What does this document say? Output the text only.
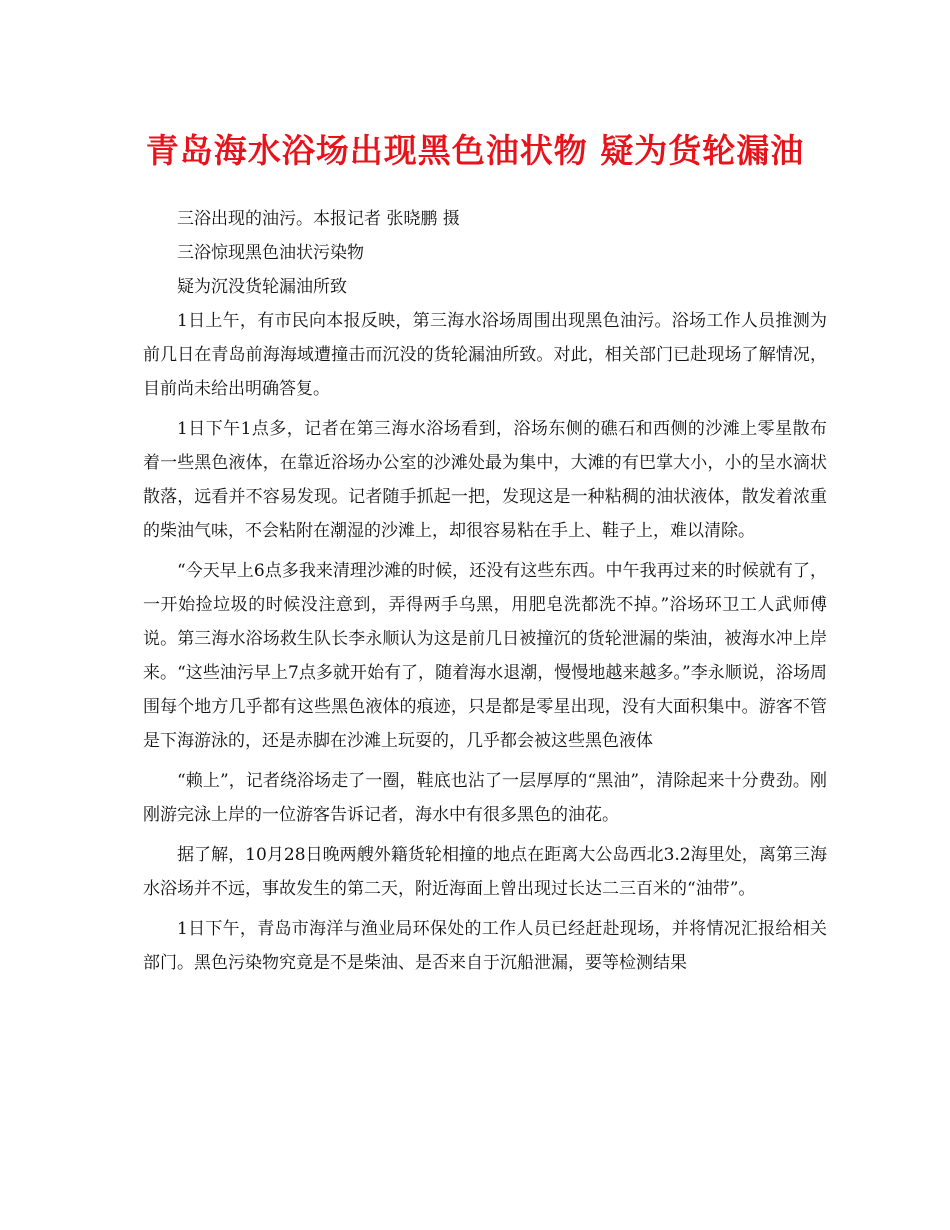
青岛海水浴场出现黑色油状物 疑为货轮漏油

三浴出现的油污。本报记者 张晓鹏 摄

三浴惊现黑色油状污染物

疑为沉没货轮漏油所致

1日上午，有市民向本报反映，第三海水浴场周围出现黑色油污。浴场工作人员推测为前几日在青岛前海海域遭撞击而沉没的货轮漏油所致。对此，相关部门已赴现场了解情况，目前尚未给出明确答复。

1日下午1点多，记者在第三海水浴场看到，浴场东侧的礁石和西侧的沙滩上零星散布着一些黑色液体，在靠近浴场办公室的沙滩处最为集中，大滩的有巴掌大小，小的呈水滴状散落，远看并不容易发现。记者随手抓起一把，发现这是一种粘稠的油状液体，散发着浓重的柴油气味，不会粘附在潮湿的沙滩上，却很容易粘在手上、鞋子上，难以清除。

“今天早上6点多我来清理沙滩的时候，还没有这些东西。中午我再过来的时候就有了，一开始捡垃圾的时候没注意到，弄得两手乌黑，用肥皂洗都洗不掉。”浴场环卫工人武师傅说。第三海水浴场救生队长李永顺认为这是前几日被撞沉的货轮泄漏的柴油，被海水冲上岸来。“这些油污早上7点多就开始有了，随着海水退潮，慢慢地越来越多。”李永顺说，浴场周围每个地方几乎都有这些黑色液体的痕迹，只是都是零星出现，没有大面积集中。游客不管是下海游泳的，还是赤脚在沙滩上玩耍的，几乎都会被这些黑色液体

“赖上”，记者绕浴场走了一圈，鞋底也沾了一层厚厚的“黑油”，清除起来十分费劲。刚刚游完泳上岸的一位游客告诉记者，海水中有很多黑色的油花。

据了解，10月28日晚两艘外籍货轮相撞的地点在距离大公岛西北3.2海里处，离第三海水浴场并不远，事故发生的第二天，附近海面上曾出现过长达二三百米的“油带”。

1日下午，青岛市海洋与渔业局环保处的工作人员已经赶赴现场，并将情况汇报给相关部门。黑色污染物究竟是不是柴油、是否来自于沉船泄漏，要等检测结果
